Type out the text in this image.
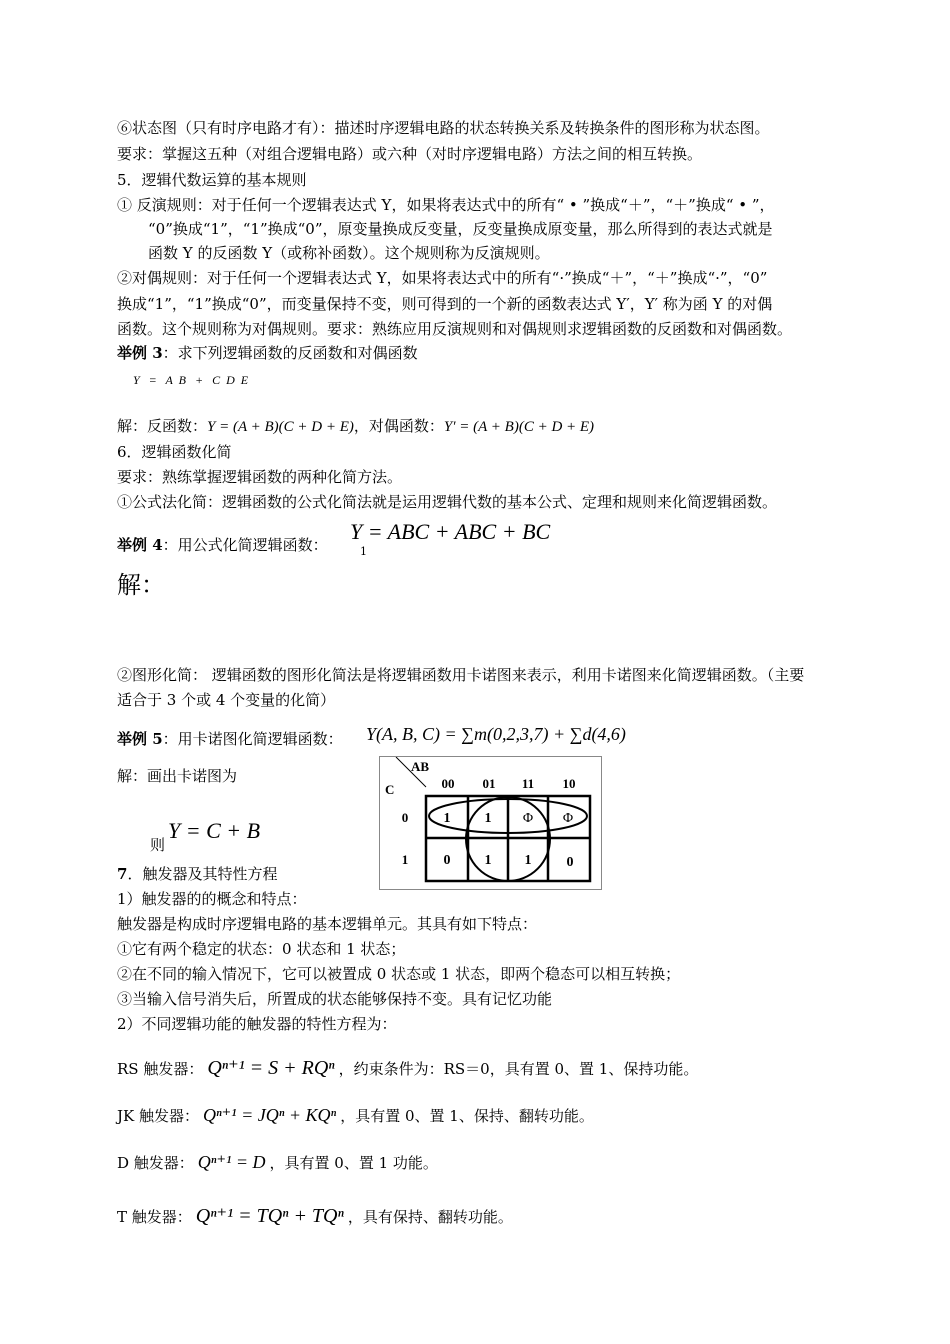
⑥状态图（只有时序电路才有）：描述时序逻辑电路的状态转换关系及转换条件的图形称为状态图。
要求：掌握这五种（对组合逻辑电路）或六种（对时序逻辑电路）方法之间的相互转换。
5．逻辑代数运算的基本规则
① 反演规则：对于任何一个逻辑表达式 Y，如果将表达式中的所有“ • ”换成“＋”，“＋”换成“ • ”，
“0”换成“1”，“1”换成“0”，原变量换成反变量，反变量换成原变量，那么所得到的表达式就是
函数 Y 的反函数 Y（或称补函数）。这个规则称为反演规则。
②对偶规则：对于任何一个逻辑表达式 Y，如果将表达式中的所有“·”换成“＋”，“＋”换成“·”，“0”
换成“1”，“1”换成“0”，而变量保持不变，则可得到的一个新的函数表达式 Y′，Y′ 称为函 Y 的对偶
函数。这个规则称为对偶规则。要求：熟练应用反演规则和对偶规则求逻辑函数的反函数和对偶函数。
举例 3：求下列逻辑函数的反函数和对偶函数
Y   =   A  B   +   C  D  E
解：反函数：Y = (A + B)(C + D + E)，对偶函数：Y′ = (A + B)(C + D + E)
6．逻辑函数化简
要求：熟练掌握逻辑函数的两种化简方法。
①公式法化简：逻辑函数的公式化简法就是运用逻辑代数的基本公式、定理和规则来化简逻辑函数。
举例 4：用公式化简逻辑函数：
Y = ABC + ABC + BC
1
解：
②图形化简： 逻辑函数的图形化简法是将逻辑函数用卡诺图来表示，利用卡诺图来化简逻辑函数。（主要
适合于 3 个或 4 个变量的化简）
举例 5：用卡诺图化简逻辑函数： Y(A, B, C) = ∑m(0,2,3,7) + ∑d(4,6)
解：画出卡诺图为
则
Y = C + B
AB
C	00 01 11 10
0
1
1 1 Φ Φ
0 1 1	0
7．触发器及其特性方程
1）触发器的的概念和特点：
触发器是构成时序逻辑电路的基本逻辑单元。其具有如下特点：
①它有两个稳定的状态：0 状态和 1 状态；
②在不同的输入情况下，它可以被置成 0 状态或 1 状态，即两个稳态可以相互转换；
③当输入信号消失后，所置成的状态能够保持不变。具有记忆功能
2）不同逻辑功能的触发器的特性方程为：
RS 触发器： Qⁿ⁺¹ = S + RQⁿ ，约束条件为：RS＝0，具有置 0、置 1、保持功能。
JK 触发器： Qⁿ⁺¹ = JQⁿ + KQⁿ ，具有置 0、置 1、保持、翻转功能。
D 触发器： Qⁿ⁺¹ = D ，具有置 0、置 1 功能。
T 触发器： Qⁿ⁺¹ = TQⁿ + TQⁿ ，具有保持、翻转功能。
